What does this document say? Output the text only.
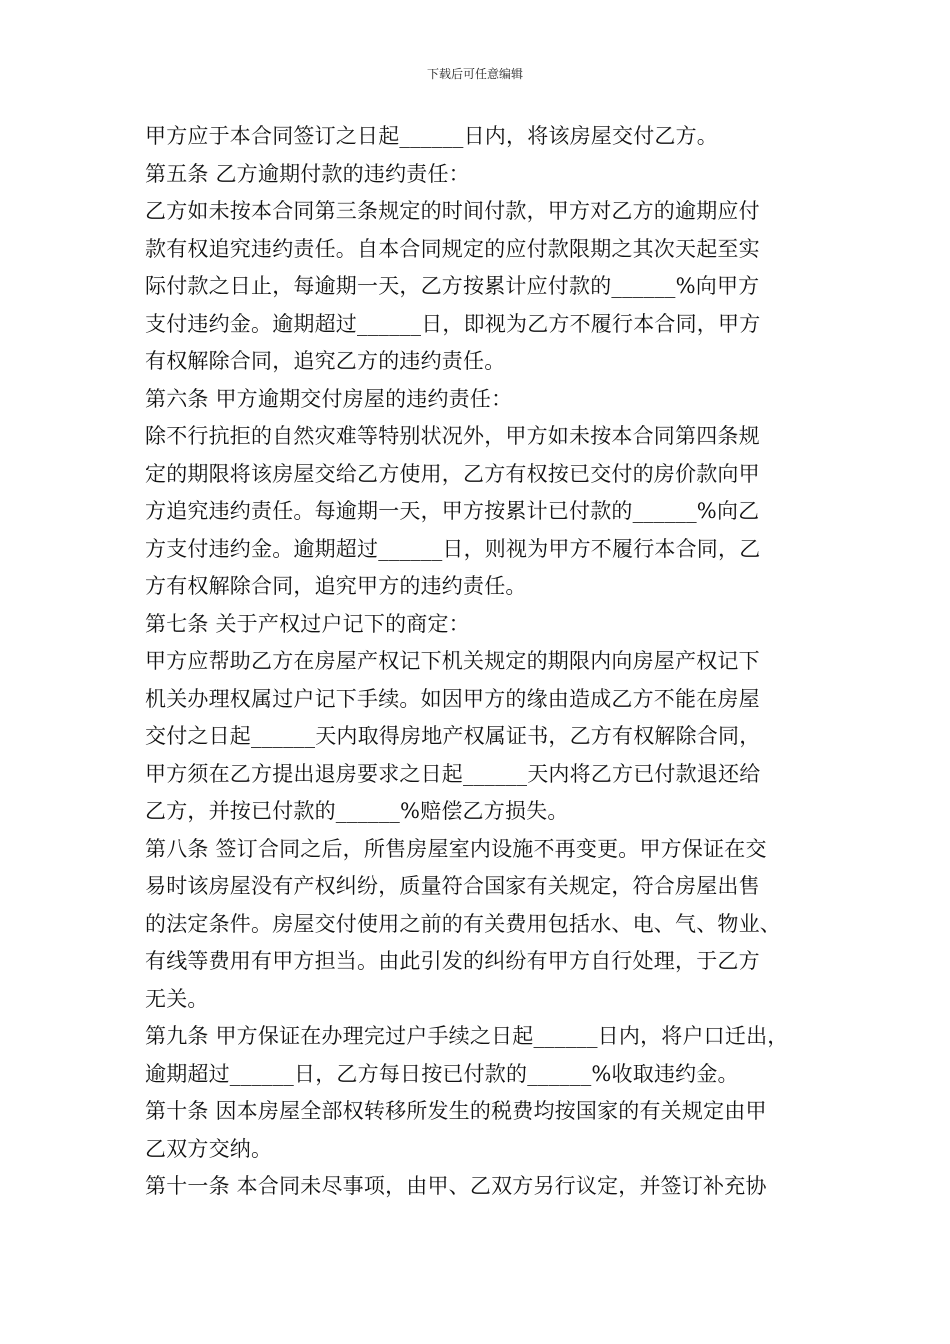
下载后可任意编辑
甲方应于本合同签订之日起______日内，将该房屋交付乙方。
第五条 乙方逾期付款的违约责任：
乙方如未按本合同第三条规定的时间付款，甲方对乙方的逾期应付
款有权追究违约责任。自本合同规定的应付款限期之其次天起至实
际付款之日止，每逾期一天，乙方按累计应付款的______%向甲方
支付违约金。逾期超过______日，即视为乙方不履行本合同，甲方
有权解除合同，追究乙方的违约责任。
第六条 甲方逾期交付房屋的违约责任：
除不行抗拒的自然灾难等特别状况外，甲方如未按本合同第四条规
定的期限将该房屋交给乙方使用，乙方有权按已交付的房价款向甲
方追究违约责任。每逾期一天，甲方按累计已付款的______%向乙
方支付违约金。逾期超过______日，则视为甲方不履行本合同，乙
方有权解除合同，追究甲方的违约责任。
第七条 关于产权过户记下的商定：
甲方应帮助乙方在房屋产权记下机关规定的期限内向房屋产权记下
机关办理权属过户记下手续。如因甲方的缘由造成乙方不能在房屋
交付之日起______天内取得房地产权属证书，乙方有权解除合同，
甲方须在乙方提出退房要求之日起______天内将乙方已付款退还给
乙方，并按已付款的______%赔偿乙方损失。
第八条 签订合同之后，所售房屋室内设施不再变更。甲方保证在交
易时该房屋没有产权纠纷，质量符合国家有关规定，符合房屋出售
的法定条件。房屋交付使用之前的有关费用包括水、电、气、物业、
有线等费用有甲方担当。由此引发的纠纷有甲方自行处理，于乙方
无关。
第九条 甲方保证在办理完过户手续之日起______日内，将户口迁出，
逾期超过______日，乙方每日按已付款的______%收取违约金。
第十条 因本房屋全部权转移所发生的税费均按国家的有关规定由甲
乙双方交纳。
第十一条 本合同未尽事项，由甲、乙双方另行议定，并签订补充协
